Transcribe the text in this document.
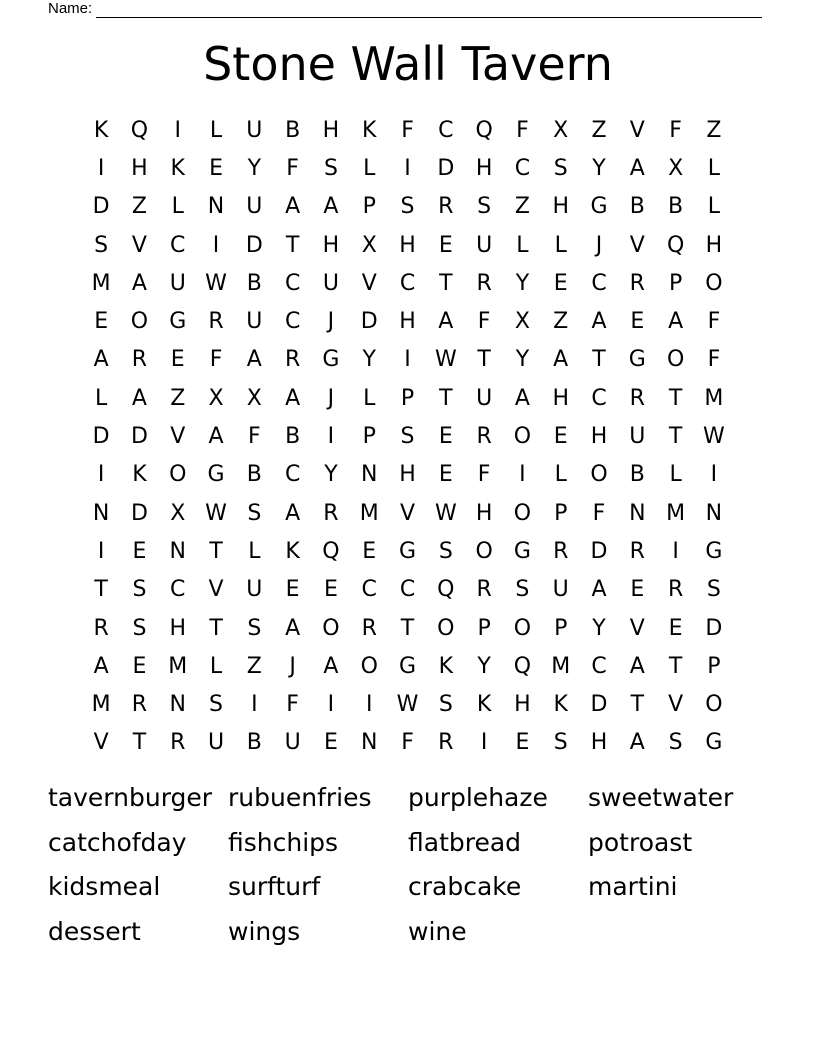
Name:
Stone Wall Tavern
K	Q	I	L	U	B	H	K	F	C Q	F	X	Z	V	F	Z
I	H	K	E	Y	F	S	L	I	D H	C	S	Y	A	X	L
D	Z	L	N	U	A	A	P	S	R	S	Z	H G	B	B	L
S	V	C	I	D	T	H	X	H	E	U	L	L	J	V	Q H
M A	U W B	C	U	V	C	T	R	Y	E	C	R	P	O
E	O G	R	U	C	J	D H	A	F	X	Z	A	E	A	F
A	R	E	F	A	R	G	Y	I	W T	Y	A	T	G O	F
L	A	Z	X	X	A	J	L	P	T	U	A	H	C	R	T	M
D D	V	A	F	B	I	P	S	E	R O	E	H U	T W
I	K	O G	B	C	Y	N H	E	F	I	L	O	B	L	I
N D	X W S	A	R M V W H O	P	F	N M N
I	E	N	T	L	K	Q	E	G	S	O G	R	D	R	I	G
T	S	C	V	U	E	E	C	C Q R	S	U	A	E	R	S
R	S	H	T	S	A	O R	T	O	P	O	P	Y	V	E	D
A	E M	L	Z	J	A	O G	K	Y	Q M C	A	T	P
M R	N	S	I	F	I	I	W S	K	H	K	D	T	V	O
V	T	R	U	B	U	E	N	F	R	I	E	S	H	A	S	G
tavernburger rubuenfries	purplehaze	sweetwater
catchofday	fishchips	flatbread	potroast
kidsmeal	surfturf	crabcake	martini
dessert	wings	wine
